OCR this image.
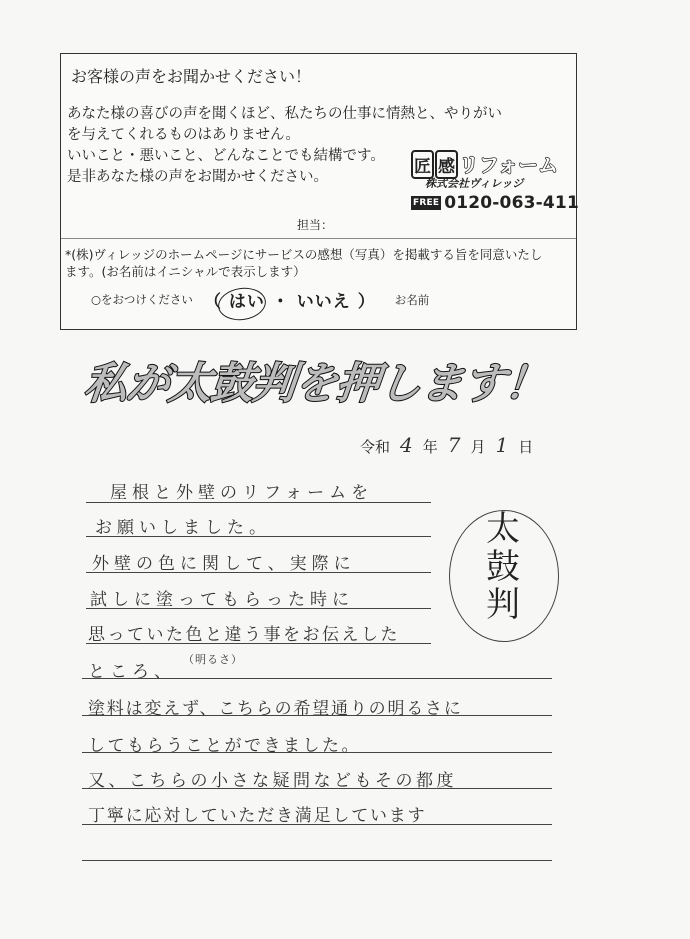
お客様の声をお聞かせください！
あなた様の喜びの声を聞くほど、私たちの仕事に情熱と、やりがい
を与えてくれるものはありません。
いいこと・悪いこと、どんなことでも結構です。
是非あなた様の声をお聞かせください。	匠 感 リフォーム
株式会社ヴィレッジ
FREE 0120-063-411
担当：
*(株)ヴィレッジのホームページにサービスの感想（写真）を掲載する旨を同意いたし
ます。(お名前はイニシャルで表示します）
○をおつけください （ はい ・ いいえ ） お名前
私が太鼓判を押します！
令和 4 年 7 月 1 日
屋根と外壁のリフォームを
お願いしました。
外壁の色に関して、実際に
試しに塗ってもらった時に
思っていた色と違う事をお伝えした
ところ、
（明るさ）
塗料は変えず、こちらの希望通りの明るさに
してもらうことができました。
又、こちらの小さな疑問などもその都度
丁寧に応対していただき満足しています
太鼓判
